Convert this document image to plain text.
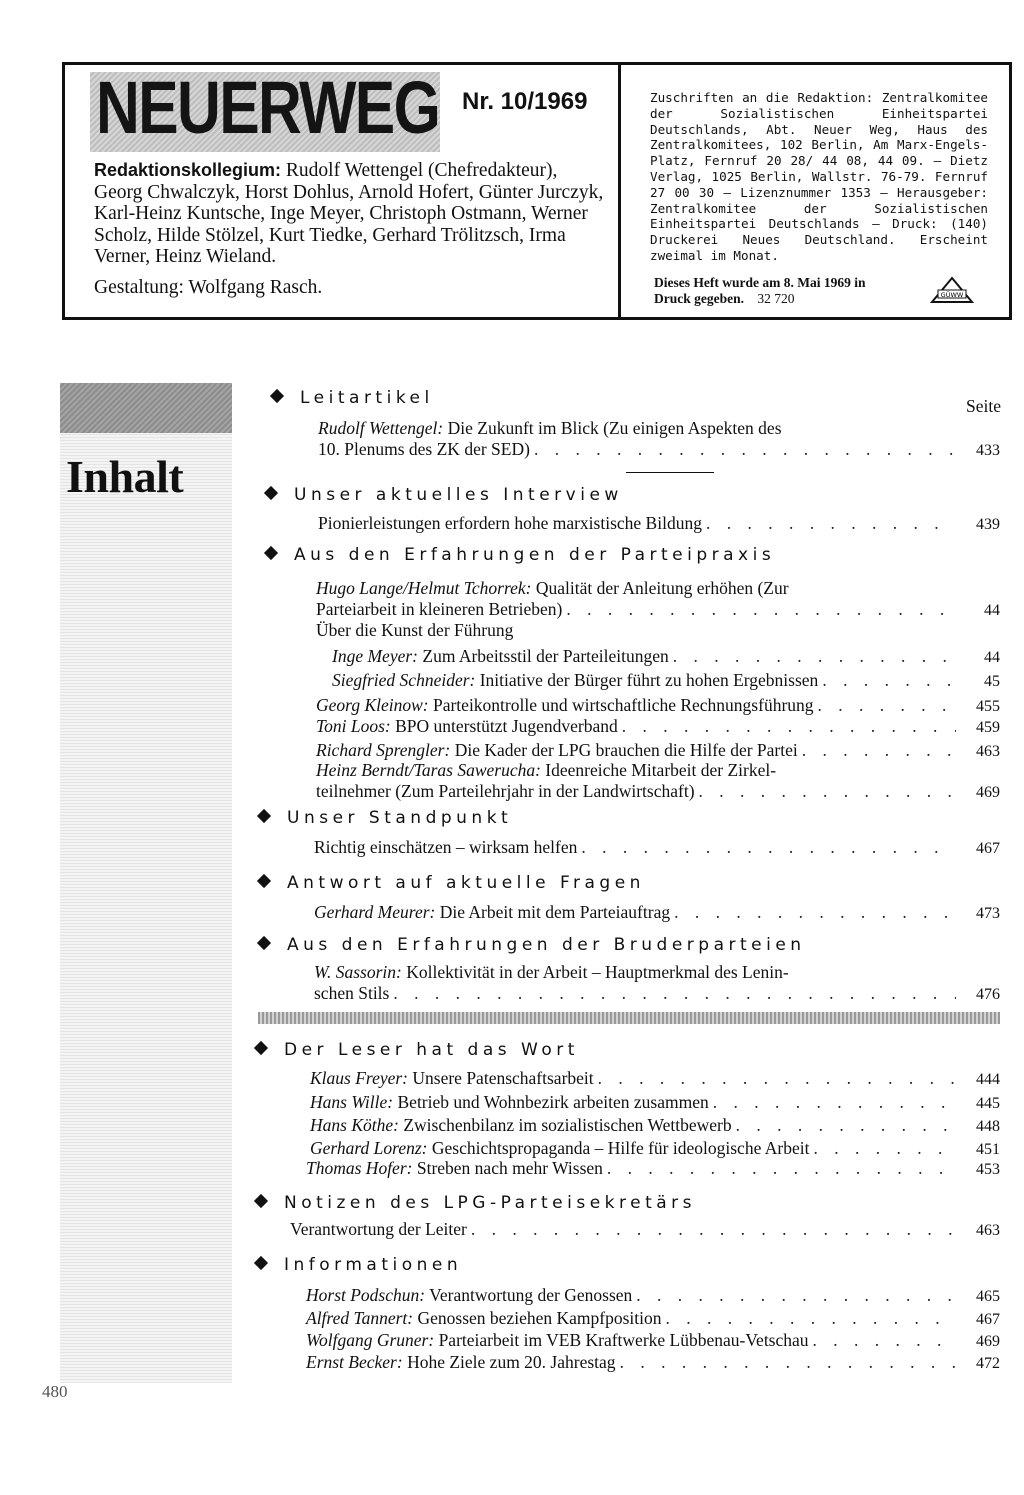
NEUERWEG Nr. 10/1969
Redaktionskollegium: Rudolf Wettengel (Chefredakteur), Georg Chwalczyk, Horst Dohlus, Arnold Hofert, Günter Jurczyk, Karl-Heinz Kuntsche, Inge Meyer, Christoph Ostmann, Werner Scholz, Hilde Stölzel, Kurt Tiedke, Gerhard Trölitzsch, Irma Verner, Heinz Wieland.
Gestaltung: Wolfgang Rasch.
Zuschriften an die Redaktion: Zentralkomitee der Sozialistischen Einheitspartei Deutschlands, Abt. Neuer Weg, Haus des Zentralkomitees, 102 Berlin, Am Marx-Engels-Platz, Fernruf 20 28/ 44 08, 44 09. – Dietz Verlag, 1025 Berlin, Wallstr. 76-79. Fernruf 27 00 30 – Lizenznummer 1353 – Herausgeber: Zentralkomitee der Sozialistischen Einheitspartei Deutschlands – Druck: (140) Druckerei Neues Deutschland. Erscheint zweimal im Monat.
Dieses Heft wurde am 8. Mai 1969 in Druck gegeben. 32 720	GÜWW
Inhalt
480
Seite
Leitartikel
Rudolf Wettengel: Die Zukunft im Blick (Zu einigen Aspekten des
10. Plenums des ZK der SED) . . .	433
Unser aktuelles Interview
Pionierleistungen erfordern hohe marxistische Bildung . . .	439
Aus den Erfahrungen der Parteipraxis
Hugo Lange/Helmut Tchorrek: Qualität der Anleitung erhöhen (Zur
Parteiarbeit in kleineren Betrieben) . . .	44
Über die Kunst der Führung
Inge Meyer: Zum Arbeitsstil der Parteileitungen . . .	44
Siegfried Schneider: Initiative der Bürger führt zu hohen Ergebnissen . . .	45
Georg Kleinow: Parteikontrolle und wirtschaftliche Rechnungsführung . . .	455
Toni Loos: BPO unterstützt Jugendverband . . .	459
Richard Sprengler: Die Kader der LPG brauchen die Hilfe der Partei . . .	463
Heinz Berndt/Taras Sawerucha: Ideenreiche Mitarbeit der Zirkel-
teilnehmer (Zum Parteilehrjahr in der Landwirtschaft) . . .	469
Unser Standpunkt
Richtig einschätzen – wirksam helfen . . .	467
Antwort auf aktuelle Fragen
Gerhard Meurer: Die Arbeit mit dem Parteiauftrag . . .	473
Aus den Erfahrungen der Bruderparteien
W. Sassorin: Kollektivität in der Arbeit – Hauptmerkmal des Lenin-
schen Stils . . .	476
Der Leser hat das Wort
Klaus Freyer: Unsere Patenschaftsarbeit . . .	444
Hans Wille: Betrieb und Wohnbezirk arbeiten zusammen . . .	445
Hans Köthe: Zwischenbilanz im sozialistischen Wettbewerb . . .	448
Gerhard Lorenz: Geschichtspropaganda – Hilfe für ideologische Arbeit . . .	451
Thomas Hofer: Streben nach mehr Wissen . . .	453
Notizen des LPG-Parteisekretärs
Verantwortung der Leiter . . .	463
Informationen
Horst Podschun: Verantwortung der Genossen . . .	465
Alfred Tannert: Genossen beziehen Kampfposition . . .	467
Wolfgang Gruner: Parteiarbeit im VEB Kraftwerke Lübbenau-Vetschau . . .	469
Ernst Becker: Hohe Ziele zum 20. Jahrestag . . .	472
